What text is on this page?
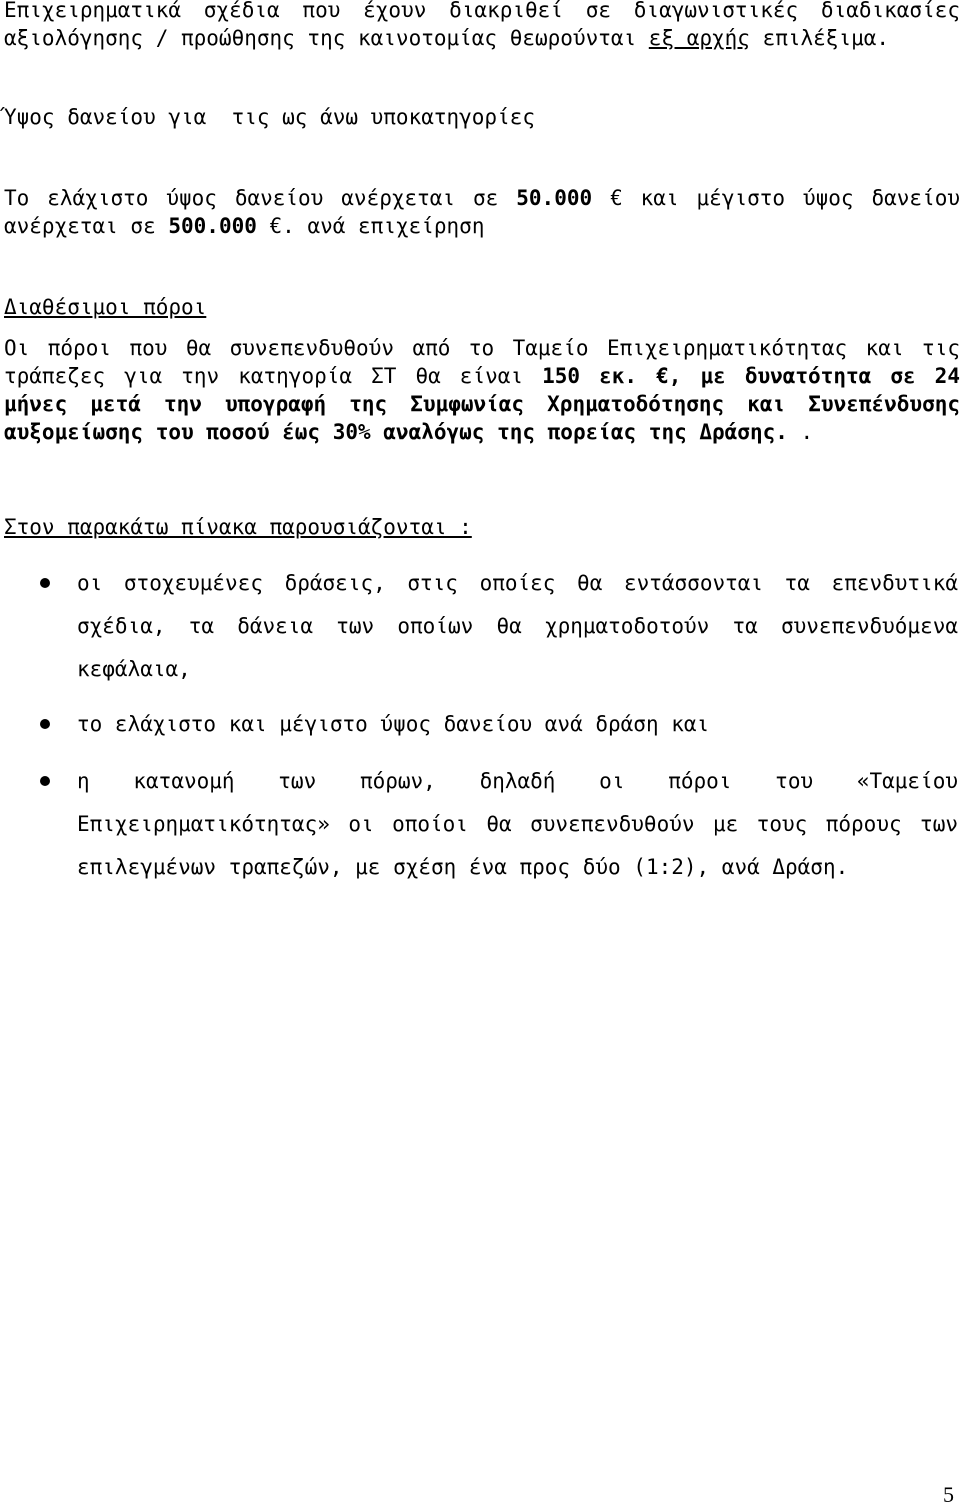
Επιχειρηματικά σχέδια που έχουν διακριθεί σε διαγωνιστικές διαδικασίες
αξιολόγησης / προώθησης της καινοτομίας θεωρούνται εξ αρχής επιλέξιμα.
Ύψος δανείου για  τις ως άνω υποκατηγορίες
Το ελάχιστο ύψος δανείου ανέρχεται σε 50.000 € και μέγιστο ύψος δανείου
ανέρχεται σε 500.000 €. ανά επιχείρηση
Διαθέσιμοι πόροι
Οι πόροι που θα συνεπενδυθούν από το Ταμείο Επιχειρηματικότητας και τις
τράπεζες για την κατηγορία ΣΤ θα είναι 150 εκ. €, με δυνατότητα σε 24
μήνες μετά την υπογραφή της Συμφωνίας Χρηματοδότησης και Συνεπένδυσης
αυξομείωσης του ποσού έως 30% αναλόγως της πορείας της Δράσης. .
Στον παρακάτω πίνακα παρουσιάζονται :
οι στοχευμένες δράσεις, στις οποίες θα εντάσσονται τα επενδυτικά
σχέδια, τα δάνεια των οποίων θα χρηματοδοτούν τα συνεπενδυόμενα
κεφάλαια,
το ελάχιστο και μέγιστο ύψος δανείου ανά δράση και
η κατανομή των πόρων, δηλαδή οι πόροι του «Ταμείου
Επιχειρηματικότητας» οι οποίοι θα συνεπενδυθούν με τους πόρους των
επιλεγμένων τραπεζών, με σχέση ένα προς δύο (1:2), ανά Δράση.
5
